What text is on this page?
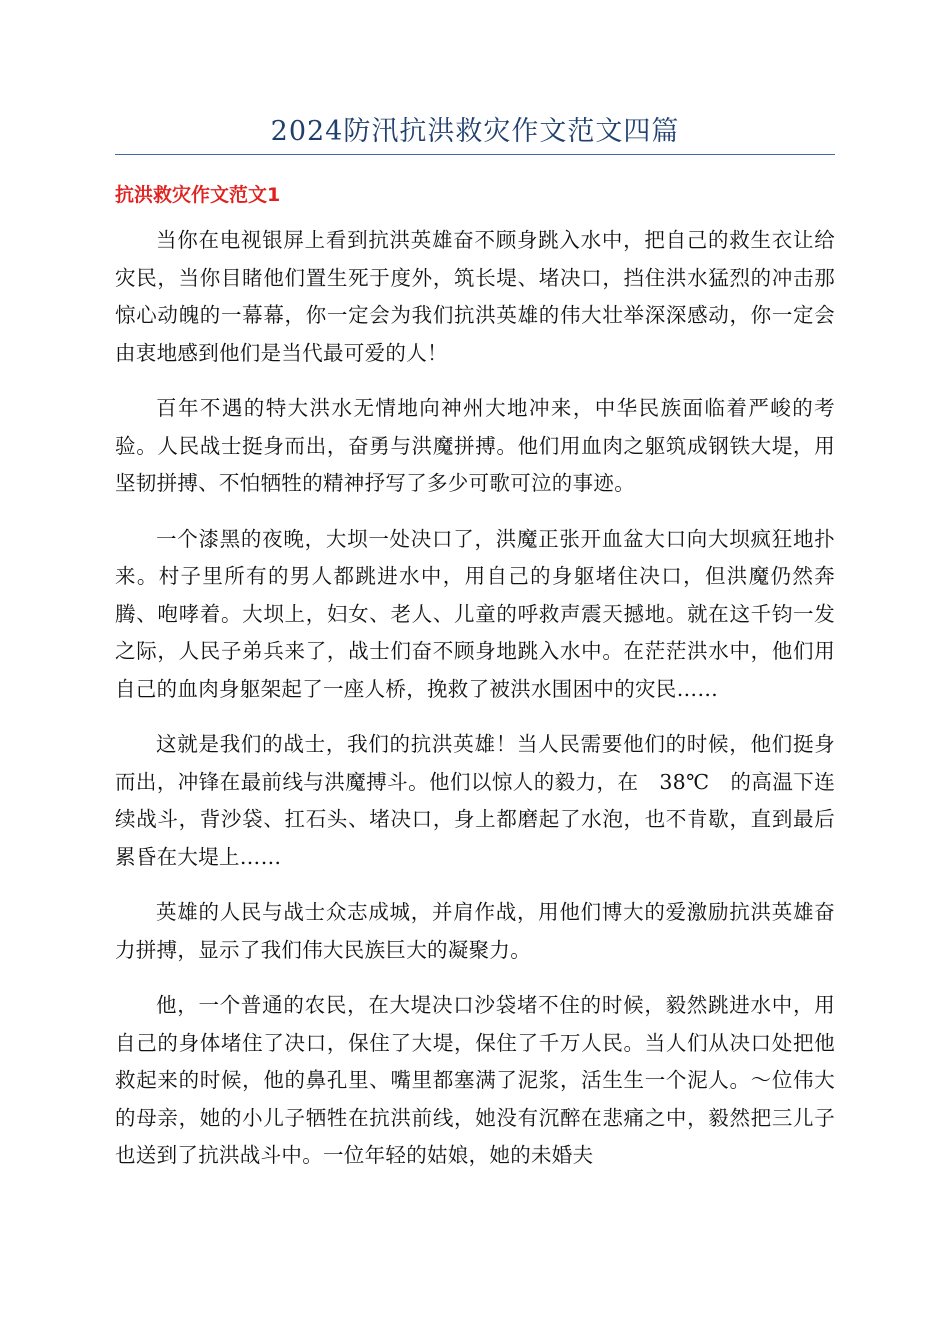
2024防汛抗洪救灾作文范文四篇
抗洪救灾作文范文1

当你在电视银屏上看到抗洪英雄奋不顾身跳入水中，把自己的救生衣让给灾民，当你目睹他们置生死于度外，筑长堤、堵决口，挡住洪水猛烈的冲击那惊心动魄的一幕幕，你一定会为我们抗洪英雄的伟大壮举深深感动，你一定会由衷地感到他们是当代最可爱的人！

百年不遇的特大洪水无情地向神州大地冲来，中华民族面临着严峻的考验。人民战士挺身而出，奋勇与洪魔拼搏。他们用血肉之躯筑成钢铁大堤，用坚韧拼搏、不怕牺牲的精神抒写了多少可歌可泣的事迹。

一个漆黑的夜晚，大坝一处决口了，洪魔正张开血盆大口向大坝疯狂地扑来。村子里所有的男人都跳进水中，用自己的身躯堵住决口，但洪魔仍然奔腾、咆哮着。大坝上，妇女、老人、儿童的呼救声震天撼地。就在这千钧一发之际，人民子弟兵来了，战士们奋不顾身地跳入水中。在茫茫洪水中，他们用自己的血肉身躯架起了一座人桥，挽救了被洪水围困中的灾民……

这就是我们的战士，我们的抗洪英雄！当人民需要他们的时候，他们挺身而出，冲锋在最前线与洪魔搏斗。他们以惊人的毅力，在　38℃　的高温下连续战斗，背沙袋、扛石头、堵决口，身上都磨起了水泡，也不肯歇，直到最后累昏在大堤上……

英雄的人民与战士众志成城，并肩作战，用他们博大的爱激励抗洪英雄奋力拼搏，显示了我们伟大民族巨大的凝聚力。

他，一个普通的农民，在大堤决口沙袋堵不住的时候，毅然跳进水中，用自己的身体堵住了决口，保住了大堤，保住了千万人民。当人们从决口处把他救起来的时候，他的鼻孔里、嘴里都塞满了泥浆，活生生一个泥人。～位伟大的母亲，她的小儿子牺牲在抗洪前线，她没有沉醉在悲痛之中，毅然把三儿子也送到了抗洪战斗中。一位年轻的姑娘，她的未婚夫
